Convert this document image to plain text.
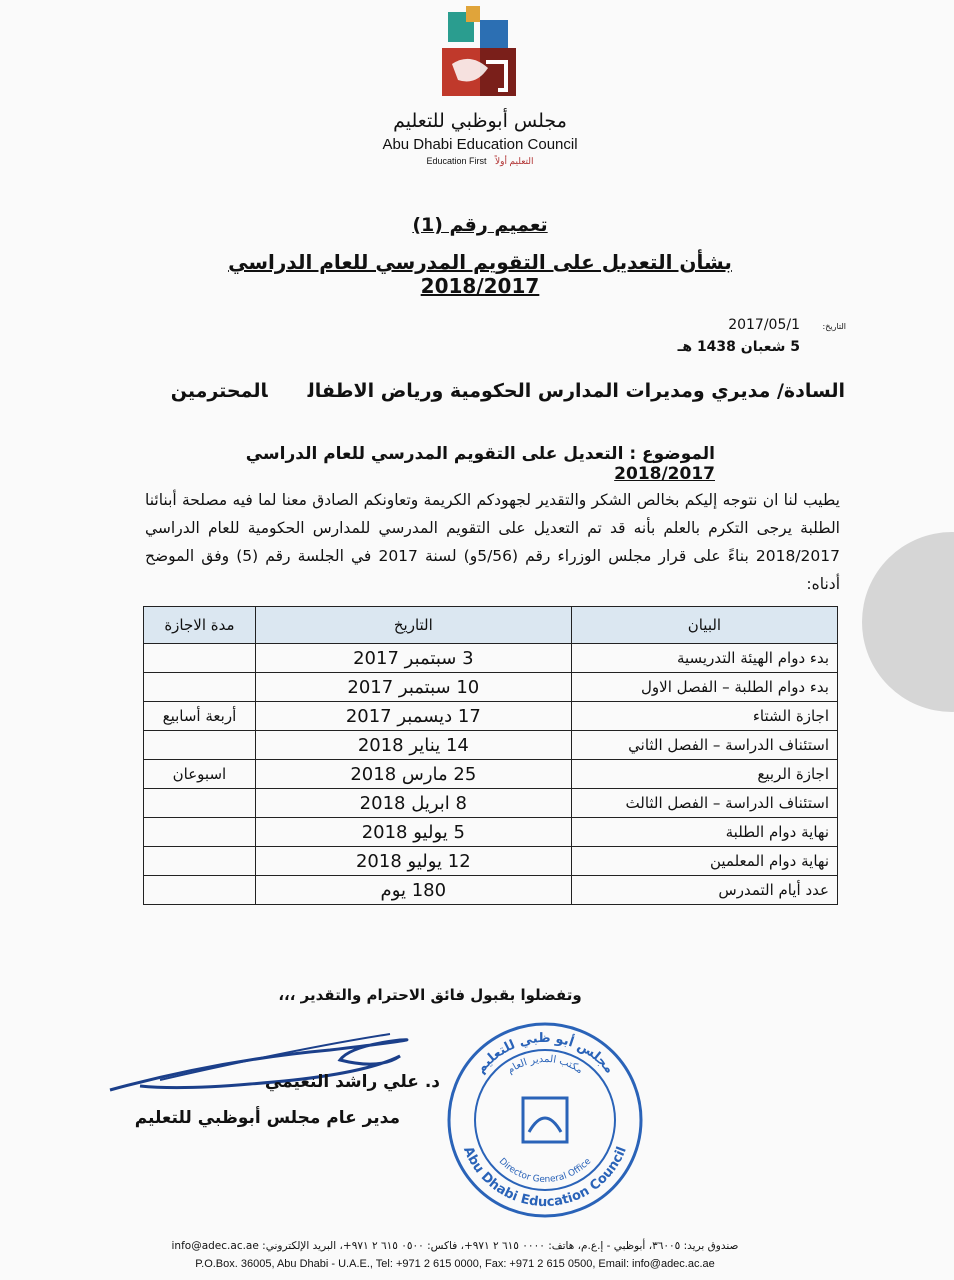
مجلس أبوظبي للتعليم
Abu Dhabi Education Council
Education First التعليم أولاً
تعميم رقم (1)
بشأن التعديل على التقويم المدرسي للعام الدراسي 2018/2017
التاريخ:
2017/05/1
5 شعبان 1438 هـ
السادة/ مديري ومديرات المدارس الحكومية ورياض الاطفالالمحترمين
الموضوع : التعديل على التقويم المدرسي للعام الدراسي 2018/2017
يطيب لنا ان نتوجه إليكم بخالص الشكر والتقدير لجهودكم الكريمة وتعاونكم الصادق معنا لما فيه مصلحة أبنائنا الطلبة يرجى التكرم بالعلم بأنه قد تم التعديل على التقويم المدرسي للمدارس الحكومية للعام الدراسي 2018/2017 بناءً على قرار مجلس الوزراء رقم (5/56و) لسنة 2017 في الجلسة رقم (5) وفق الموضح أدناه:
البيان	التاريخ	مدة الاجازة
بدء دوام الهيئة التدريسية	3 سبتمبر 2017	
بدء دوام الطلبة – الفصل الاول	10 سبتمبر 2017	
اجازة الشتاء	17 ديسمبر 2017	أربعة أسابيع
استئناف الدراسة – الفصل الثاني	14 يناير 2018	
اجازة الربيع	25 مارس 2018	اسبوعان
استئناف الدراسة – الفصل الثالث	8 ابريل 2018	
نهاية دوام الطلبة	5 يوليو 2018	
نهاية دوام المعلمين	12 يوليو 2018	
عدد أيام التمدرس	180 يوم	
وتفضلوا بقبول فائق الاحترام والتقدير ،،،
د. علي راشد النعيمي
مدير عام مجلس أبوظبي للتعليم
مجلس أبو ظبي للتعليم
Abu Dhabi Education Council
مكتب المدير العام
Director General Office
صندوق بريد: ٣٦٠٠٥، أبوظبي - إ.ع.م، هاتف: ٠٠٠٠ ٦١٥ ٢ ٩٧١+، فاكس: ٠٥٠٠ ٦١٥ ٢ ٩٧١+، البريد الإلكتروني: info@adec.ac.ae
P.O.Box. 36005, Abu Dhabi - U.A.E., Tel: +971 2 615 0000, Fax: +971 2 615 0500, Email: info@adec.ac.ae
